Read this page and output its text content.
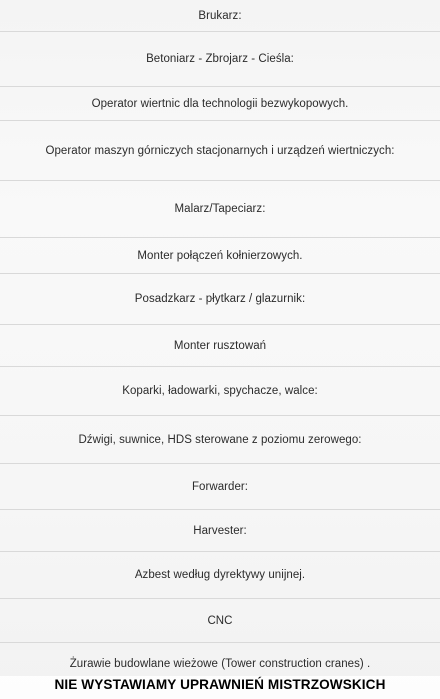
Brukarz:
Betoniarz - Zbrojarz - Cieśla:
Operator wiertnic dla technologii bezwykopowych.
Operator maszyn górniczych stacjonarnych i urządzeń wiertniczych:
Malarz/Tapeciarz:
Monter połączeń kołnierzowych.
Posadzkarz - płytkarz / glazurnik:
Monter rusztowań
Koparki, ładowarki, spychacze, walce:
Dźwigi, suwnice, HDS sterowane z poziomu zerowego:
Forwarder:
Harvester:
Azbest według dyrektywy unijnej.
CNC
Żurawie budowlane wieżowe (Tower construction cranes) .
NIE WYSTAWIAMY UPRAWNIEŃ MISTRZOWSKICH
